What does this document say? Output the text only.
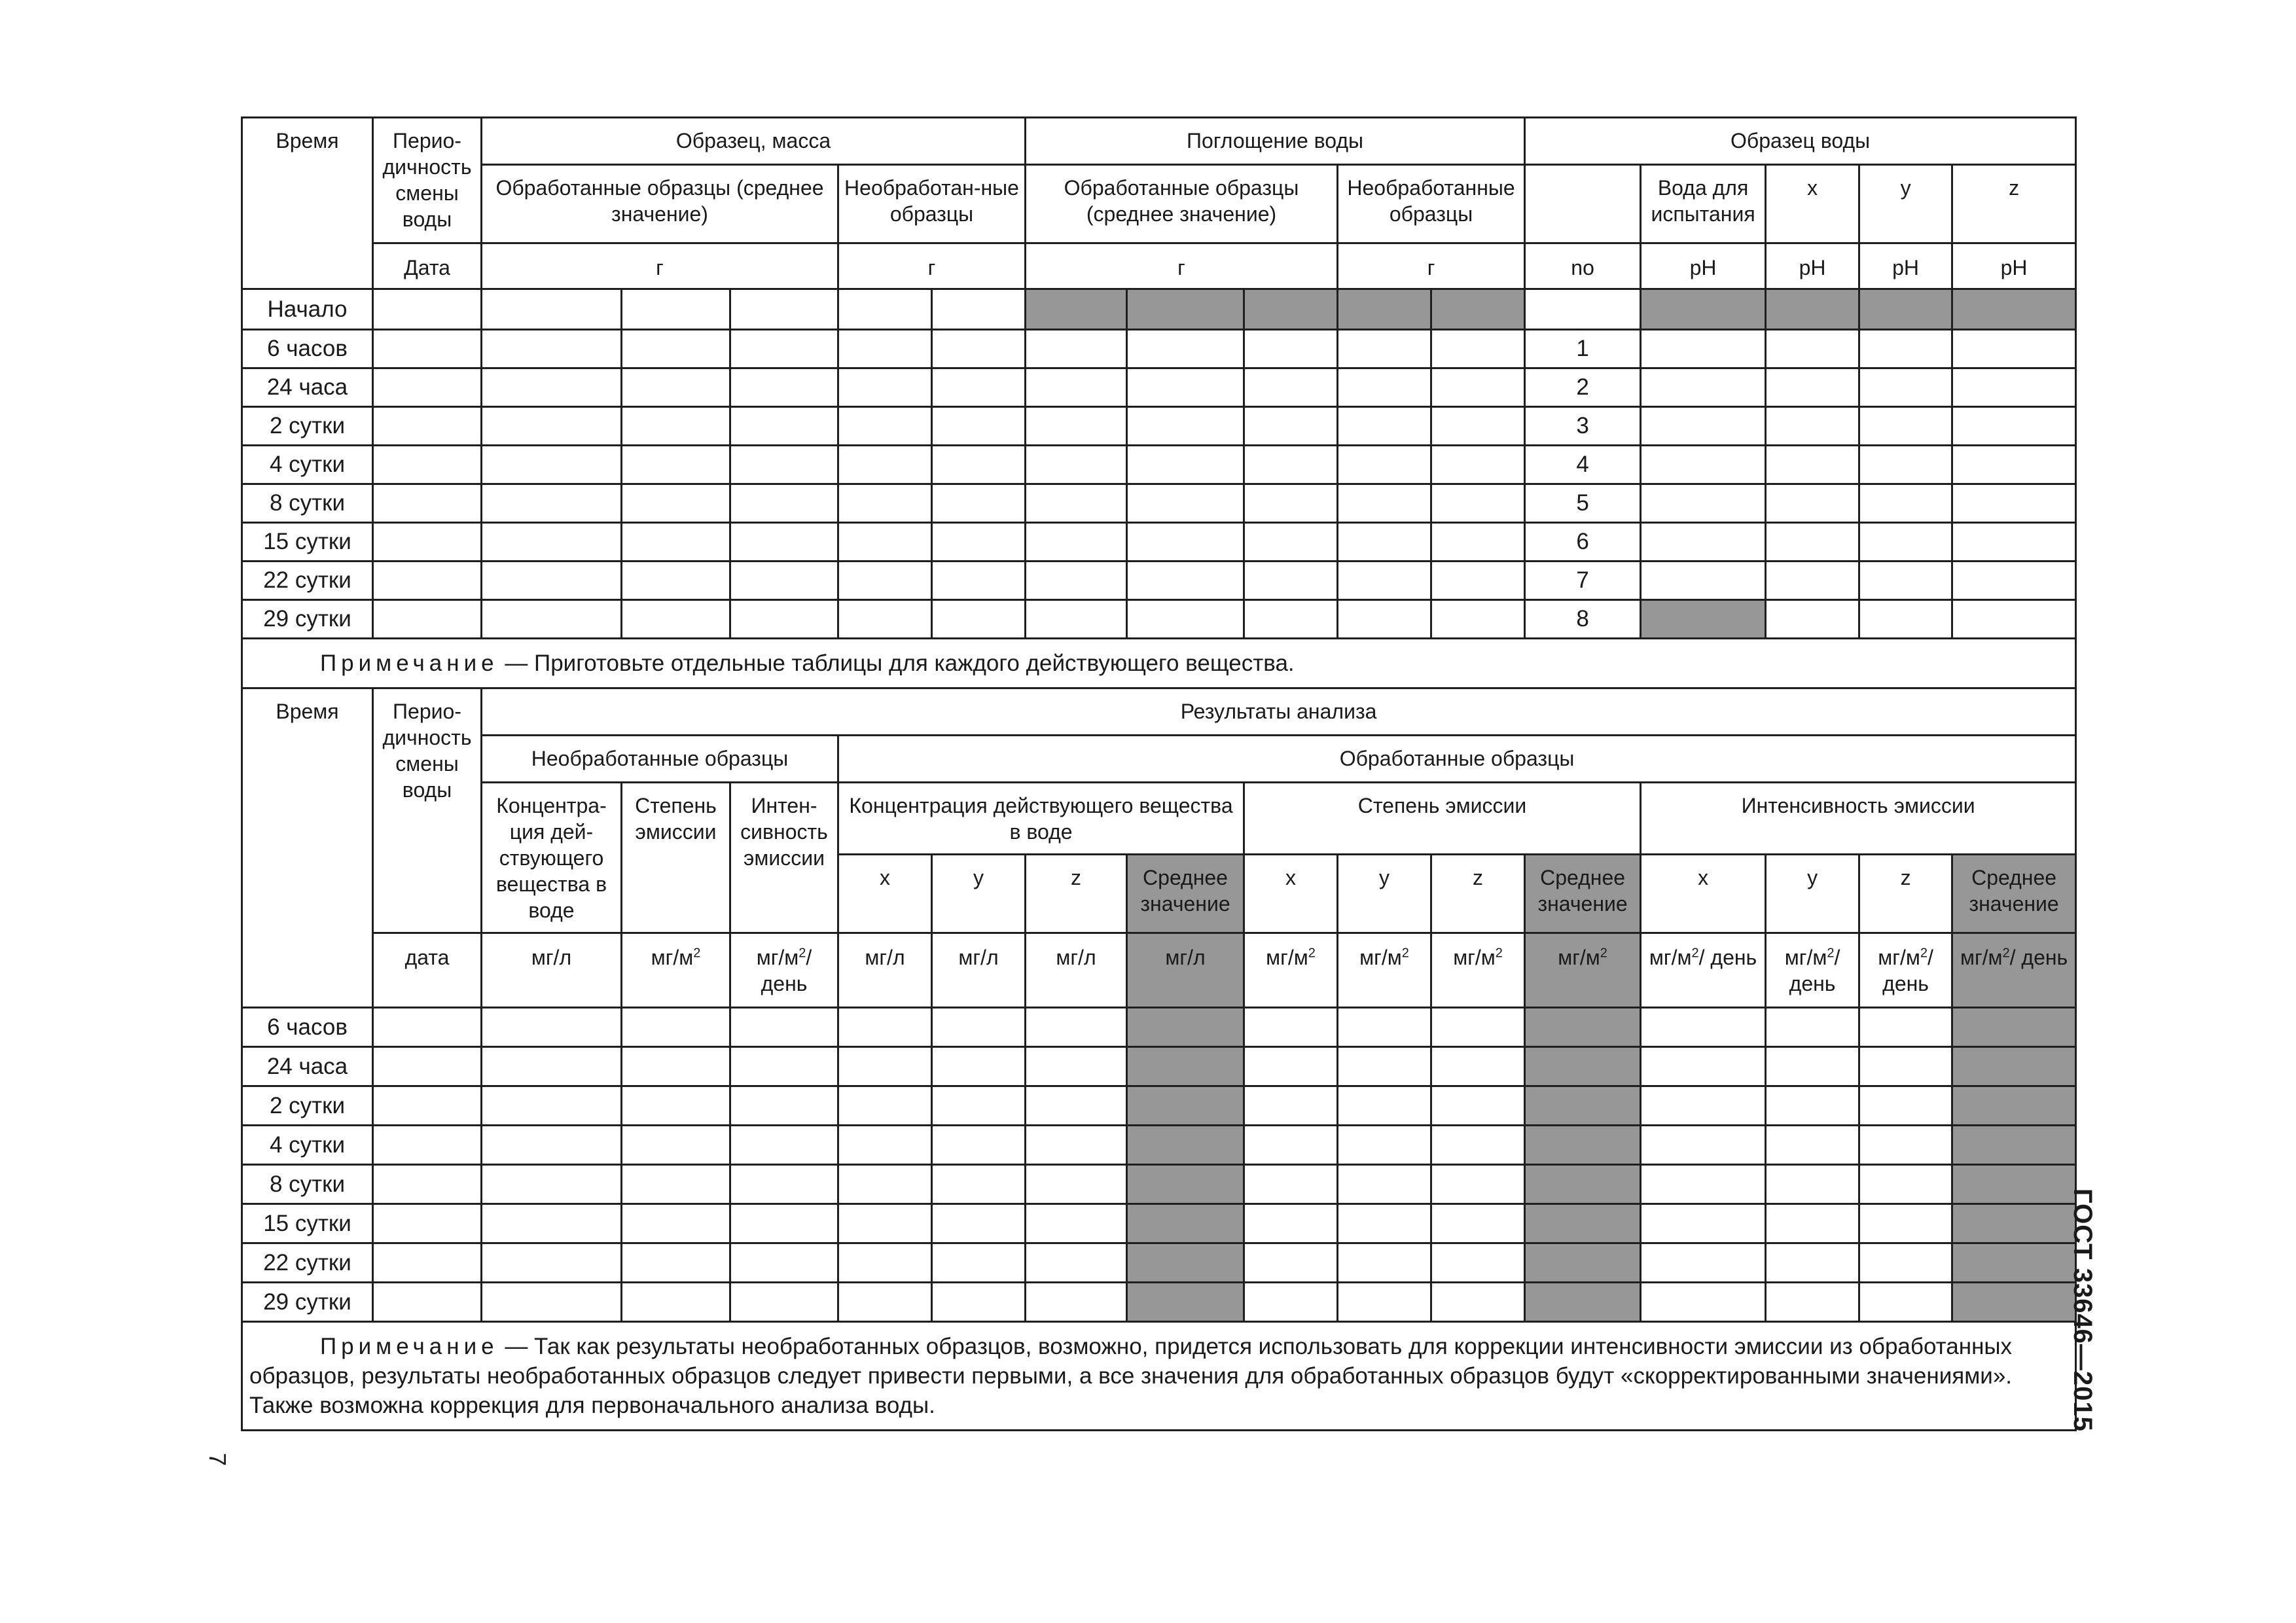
Время	Перио-дичность смены воды	Образец, масса					Поглощение воды					Образец воды				
		Обработанные образцы (среднее значение)			Необработан-ные образцы		Обработанные образцы (среднее значение)			Необработанные образцы			Вода для испытания	x	y	z
	Дата	г			г		г			г		no	pH	pH	pH	pH
Начало																
6 часов												1				
24 часа												2				
2 сутки												3				
4 сутки												4				
8 сутки												5				
15 сутки												6				
22 сутки												7				
29 сутки												8				
Примечание — Приготовьте отдельные таблицы для каждого действующего вещества.																
Время	Перио-дичность смены воды	Результаты анализа														
		Необработанные образцы			Обработанные образцы											
		Концентра-ция дей-ствующего вещества в воде	Степень эмиссии	Интен-сивность эмиссии	Концентрация действующего вещества в воде				Степень эмиссии				Интенсивность эмиссии			
					x	y	z	Среднее значение	x	y	z	Среднее значение	x	y	z	Среднее значение
	дата	мг/л	$мг/м^2$	$мг/м^2/$ день	мг/л	мг/л	мг/л	мг/л	$мг/м^2$	$мг/м^2$	$мг/м^2$	$мг/м^2$	$мг/м^2/$ день	$мг/м^2/$ день	$мг/м^2/$ день	$мг/м^2/$ день
6 часов																
24 часа																
2 сутки																
4 сутки																
8 сутки																
15 сутки																
22 сутки																
29 сутки																
Примечание — Так как результаты необработанных образцов, возможно, придется использовать для коррекции интенсивности эмиссии из обработанных образцов, результаты необработанных образцов следует привести первыми, а все значения для обработанных образцов будут «скорректированными значениями». Также возможна коррекция для первоначального анализа воды.																	ГОСТ 33646—2015
7
